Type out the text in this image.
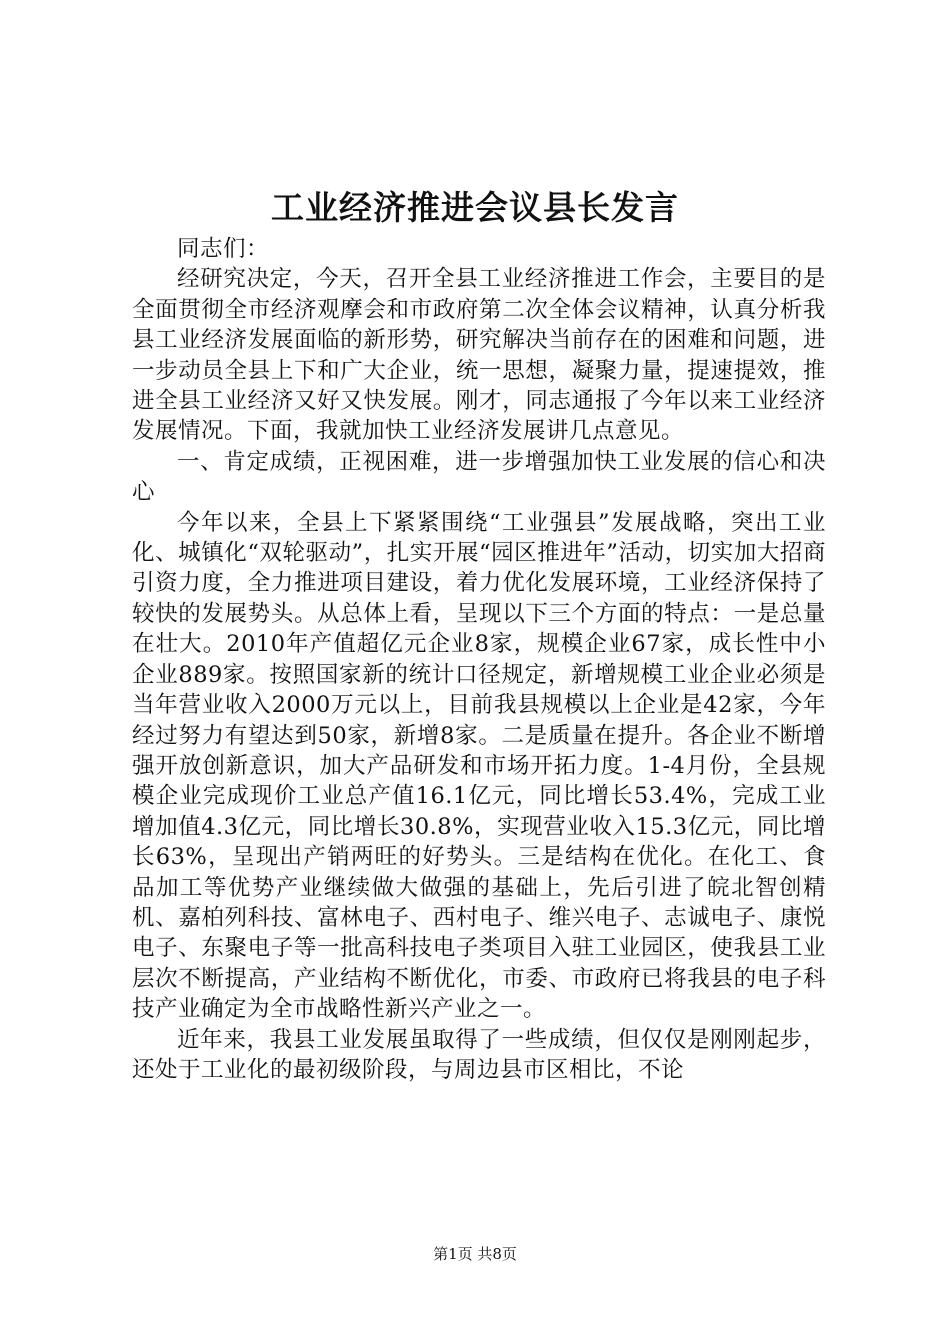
工业经济推进会议县长发言

同志们：

经研究决定，今天，召开全县工业经济推进工作会，主要目的是全面贯彻全市经济观摩会和市政府第二次全体会议精神，认真分析我县工业经济发展面临的新形势，研究解决当前存在的困难和问题，进一步动员全县上下和广大企业，统一思想，凝聚力量，提速提效，推进全县工业经济又好又快发展。刚才，同志通报了今年以来工业经济发展情况。下面，我就加快工业经济发展讲几点意见。

一、肯定成绩，正视困难，进一步增强加快工业发展的信心和决心

今年以来，全县上下紧紧围绕“工业强县”发展战略，突出工业化、城镇化“双轮驱动”，扎实开展“园区推进年”活动，切实加大招商引资力度，全力推进项目建设，着力优化发展环境，工业经济保持了较快的发展势头。从总体上看，呈现以下三个方面的特点：一是总量在壮大。2010年产值超亿元企业8家，规模企业67家，成长性中小企业889家。按照国家新的统计口径规定，新增规模工业企业必须是当年营业收入2000万元以上，目前我县规模以上企业是42家，今年经过努力有望达到50家，新增8家。二是质量在提升。各企业不断增强开放创新意识，加大产品研发和市场开拓力度。1-4月份，全县规模企业完成现价工业总产值16.1亿元，同比增长53.4%，完成工业增加值4.3亿元，同比增长30.8%，实现营业收入15.3亿元，同比增长63%，呈现出产销两旺的好势头。三是结构在优化。在化工、食品加工等优势产业继续做大做强的基础上，先后引进了皖北智创精机、嘉柏列科技、富林电子、西村电子、维兴电子、志诚电子、康悦电子、东聚电子等一批高科技电子类项目入驻工业园区，使我县工业层次不断提高，产业结构不断优化，市委、市政府已将我县的电子科技产业确定为全市战略性新兴产业之一。

近年来，我县工业发展虽取得了一些成绩，但仅仅是刚刚起步，还处于工业化的最初级阶段，与周边县市区相比，不论

第1页 共8页
